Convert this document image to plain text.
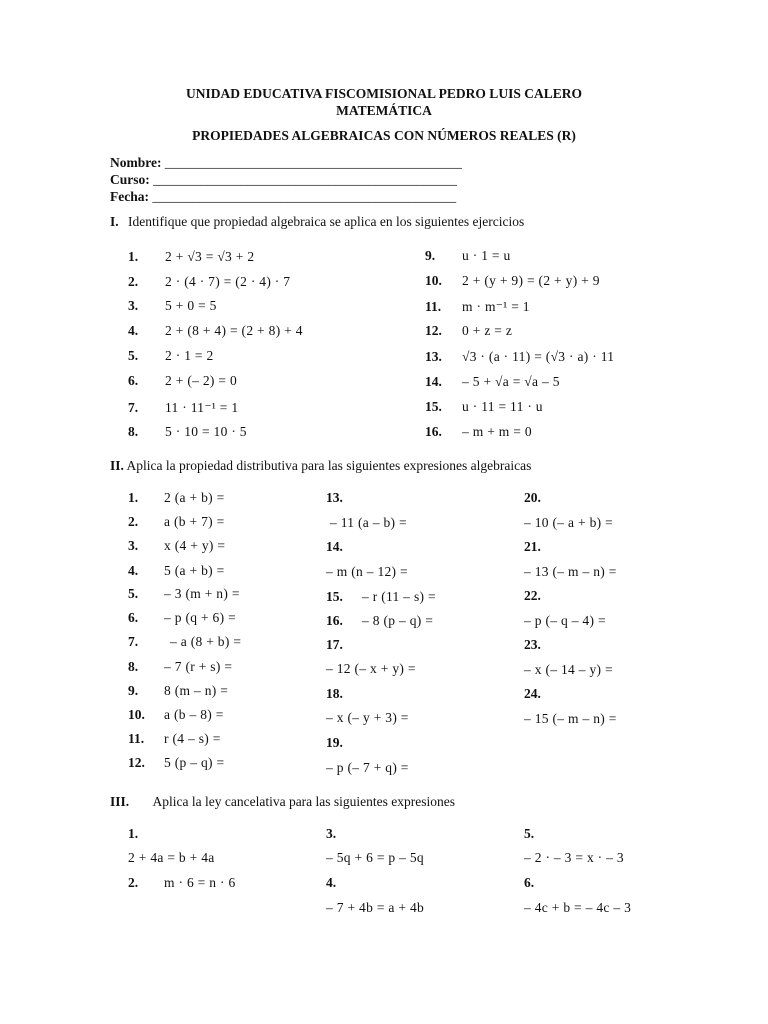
UNIDAD EDUCATIVA FISCOMISIONAL PEDRO LUIS CALERO
MATEMÁTICA
PROPIEDADES ALGEBRAICAS CON NÚMEROS REALES (R)
Nombre: ____________________________________________
Curso: _____________________________________________
Fecha: _____________________________________________
I. Identifique que propiedad algebraica se aplica en los siguientes ejercicios
1. 2 + √3 = √3 + 2
2. 2 · (4 · 7) = (2 · 4) · 7
3. 5 + 0 = 5
4. 2 + (8 + 4) = (2 + 8) + 4
5. 2 · 1 = 2
6. 2 + (– 2) = 0
7. 11 · 11⁻¹ = 1
8. 5 · 10 = 10 · 5
9. u · 1 = u
10. 2 + (y + 9) = (2 + y) + 9
11. m · m⁻¹ = 1
12. 0 + z = z
13. √3 · (a · 11) = (√3 · a) · 11
14. – 5 + √a = √a – 5
15. u · 11 = 11 · u
16. – m + m = 0
II. Aplica la propiedad distributiva para las siguientes expresiones algebraicas
1. 2 (a + b) =
2. a (b + 7) =
3. x (4 + y) =
4. 5 (a + b) =
5. – 3 (m + n) =
6. – p (q + 6) =
7. – a (8 + b) =
8. – 7 (r + s) =
9. 8 (m – n) =
10. a (b – 8) =
11. r (4 – s) =
12. 5 (p – q) =
13.
– 11 (a – b) =
14.
– m (n – 12) =
15. – r (11 – s) =
16. – 8 (p – q) =
17.
– 12 (– x + y) =
18.
– x (– y + 3) =
19.
– p (– 7 + q) =
20.
– 10 (– a + b) =
21.
– 13 (– m – n) =
22.
– p (– q – 4) =
23.
– x (– 14 – y) =
24.
– 15 (– m – n) =
III. Aplica la ley cancelativa para las siguientes expresiones
1.
2 + 4a = b + 4a
2. m · 6 = n · 6
3.
– 5q + 6 = p – 5q
4.
– 7 + 4b = a + 4b
5.
– 2 · – 3 = x · – 3
6.
– 4c + b = – 4c – 3
